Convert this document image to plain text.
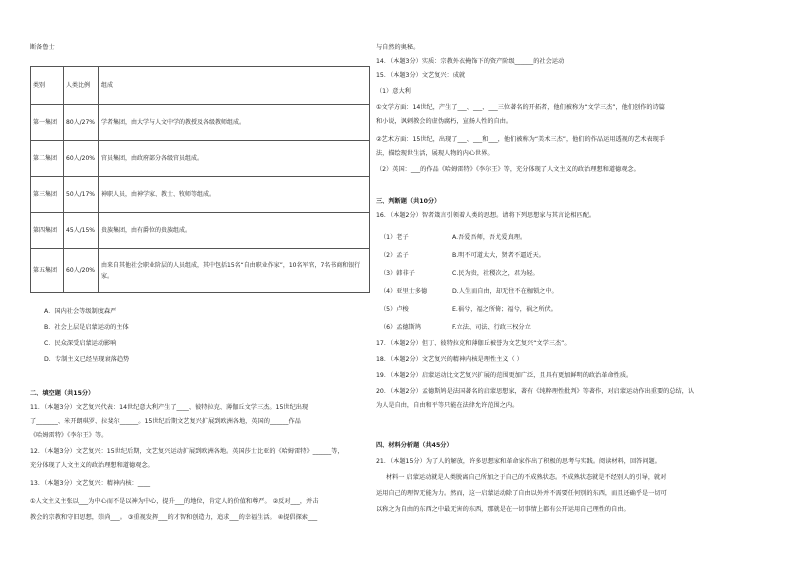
断备鲁士
类别	人类比例	组成
第一集团	80人/27%	学者集团，由大学与人文中学的教授及各级教师组成。
第二集团	60人/20%	官员集团，由政府部分各级官员组成。
第三集团	50人/17%	神职人员，由神学家、教士、牧师等组成。
第四集团	45人/15%	贵族集团，由有爵位的贵族组成。
第五集团	60人/20%	由来自其他社会职业阶层的人员组成，其中包括15名“自由职业作家”，10名军官，7名书商和银行家。
A．国内社会等级制度森严
B．社会上层是启蒙运动的主体
C．民众深受启蒙运动影响
D．专制主义已经呈现衰落趋势
二、填空题（共15分）
11．（本题3分）文艺复兴代表：14世纪意大利产生了____、彼特拉克、薄伽丘文学三杰。15世纪出现
了_______、米开朗琪罗、拉斐尔______。15世纪后期文艺复兴扩展到欧洲各地，英国的______作品
《哈姆雷特》《李尔王》等。
12．（本题3分）文艺复兴：15世纪后期，文艺复兴运动扩展到欧洲各地。英国莎士比亚的《哈姆雷特》______等，
充分体现了人文主义的政治理想和道德观念。
13．（本题3分）文艺复兴：精神内核：____
①人文主义主张以___为中心而不是以神为中心，提升___的地位，肯定人的价值和尊严。 ②反对___，并击
教会的宗教和守旧思想，崇尚___。 ③重视发挥___的才智和创造力，追求___的幸福生活。 ④提倡探索___
与自然的奥秘。
14．（本题3分）实质：宗教外衣掩饰下的资产阶级______的社会运动
15．（本题3分）文艺复兴：成就
（1）意大利
①文学方面：14世纪，产生了___、___、___三位著名的开拓者，他们被称为“文学三杰”，他们创作的诗篇
和小说，讽刺教会的虚伪腐朽，宣扬人性的自由。
②艺术方面：15世纪，出现了___、___和___，他们被称为“美术三杰”，他们的作品运用透视的艺术表现手
法，描绘现世生活，展现人物的内心世界。
（2）英国：___的作品《哈姆雷特》《李尔王》等，充分体现了人文主义的政治理想和道德观念。
三、判断题（共10分）
16．（本题2分）智者箴言引领着人类的思想。请将下列思想家与其言论相匹配。
（1）老子	A.吾爱吾师，吾尤爱真理。
（2）孟子	B.明不可道太大，贤者不逼近天。
（3）韩非子	C.民为贵，社稷次之，君为轻。
（4）亚里士多德	D.人生而自由，却无往不在枷锁之中。
（5）卢梭	E.祸兮，福之所倚；福兮，祸之所伏。
（6）孟德斯鸠	F.立法、司法、行政三权分立
17．（本题2分）但丁、彼特拉克和薄伽丘被誉为文艺复兴“文学三杰”。
18．（本题2分）文艺复兴的精神内核是理性主义（ ）
19．（本题2分）启蒙运动比文艺复兴扩展的范围更加广泛，且具有更加鲜明的政治革命性质。
20．（本题2分）孟德斯鸠是法国著名的启蒙思想家，著有《纯粹理性批判》等著作，对启蒙运动作出重要的总结，认
为人是自由，自由和平等只能在法律允许范围之内。
四、材料分析题（共45分）
21．（本题15分）为了人的解放，许多思想家和革命家作出了积极的思考与实践。阅读材料，回答问题。
材料一 启蒙运动就是人类脱离自己所加之于自己的不成熟状态。不成熟状态就是不经别人的引导，就对
运用自己的理智无能为力。然而，这一启蒙运动除了自由以外并不需要任何别的东西，而且还确乎是一切可
以称之为自由的东西之中最无害的东西，那就是在一切事情上都有公开运用自己理性的自由。
